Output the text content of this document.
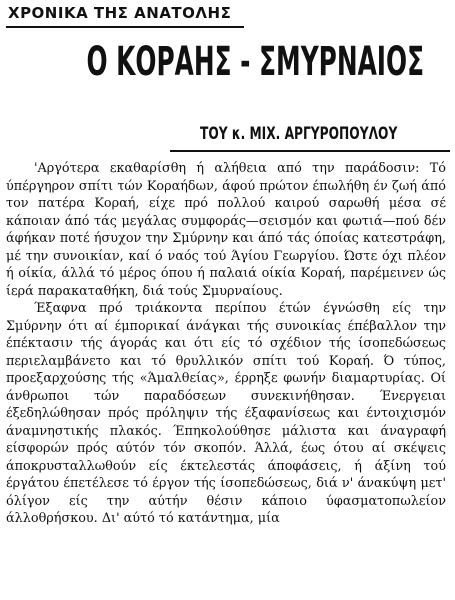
ΧΡΟΝΙΚΑ ΤΗΣ ΑΝΑΤΟΛΗΣ
Ο ΚΟΡΑΗΣ - ΣΜΥΡΝΑΙΟΣ
ΤΟΥ κ. ΜΙΧ. ΑΡΓΥΡΟΠΟΥΛΟΥ

'Αργότερα εκαθαρίσθη ή αλήθεια από την παράδοσιν: Τό ύπέργηρον σπίτι τών Κοραήδων, άφού πρώτον έπωλήθη έν ζωή άπό τον πατέρα Κοραή, είχε πρό πολλού καιρού σαρωθή μέσα σέ κάποιαν άπό τάς μεγάλας συμφοράς—σεισμόν και φωτιά—πού δέν άφήκαν ποτέ ήσυχον την Σμύρνην και άπό τάς όποίας κατεστράφη, μέ την συνοικίαν, καί ό ναός τού Άγίου Γεωργίου. Ώστε όχι πλέον ή οίκία, άλλά τό μέρος όπου ή παλαιά οίκία Κοραή, παρέμεινεν ώς ίερά παρακαταθήκη, διά τούς Σμυρναίους.

Έξαφνα πρό τριάκοντα περίπου έτών έγνώσθη είς την Σμύρνην ότι αί έμπορικαί άνάγκαι τής συνοικίας έπέβαλλον την έπέκτασιν τής άγοράς και ότι είς τό σχέδιον τής ίσοπεδώσεως περιελαμβάνετο και τό θρυλλικόν σπίτι τού Κοραή. Ό τύπος, προεξαρχούσης τής «Άμαλθείας», έρρηξε φωνήν διαμαρτυρίας. Οί άνθρωποι τών παραδόσεων συνεκινήθησαν. Ένεργειαι έξεδηλώθησαν πρός πρόληψιν τής έξαφανίσεως και έντοιχισμόν άναμνηστικής πλακός. Έπηκολούθησε μάλιστα και άναγραφή είσφορών πρός αύτόν τόν σκοπόν. Άλλά, έως ότου αί σκέψεις άποκρυσταλλωθούν είς έκτελεστάς άποφάσεις, ή άξίνη τού έργάτου έπετέλεσε τό έργον τής ίσοπεδώσεως, διά ν' άνακύψη μετ' όλίγον είς την αύτήν θέσιν κάποιο ύφασματοπωλείον άλλοθρήσκου. Δι' αύτό τό κατάντημα, μία
